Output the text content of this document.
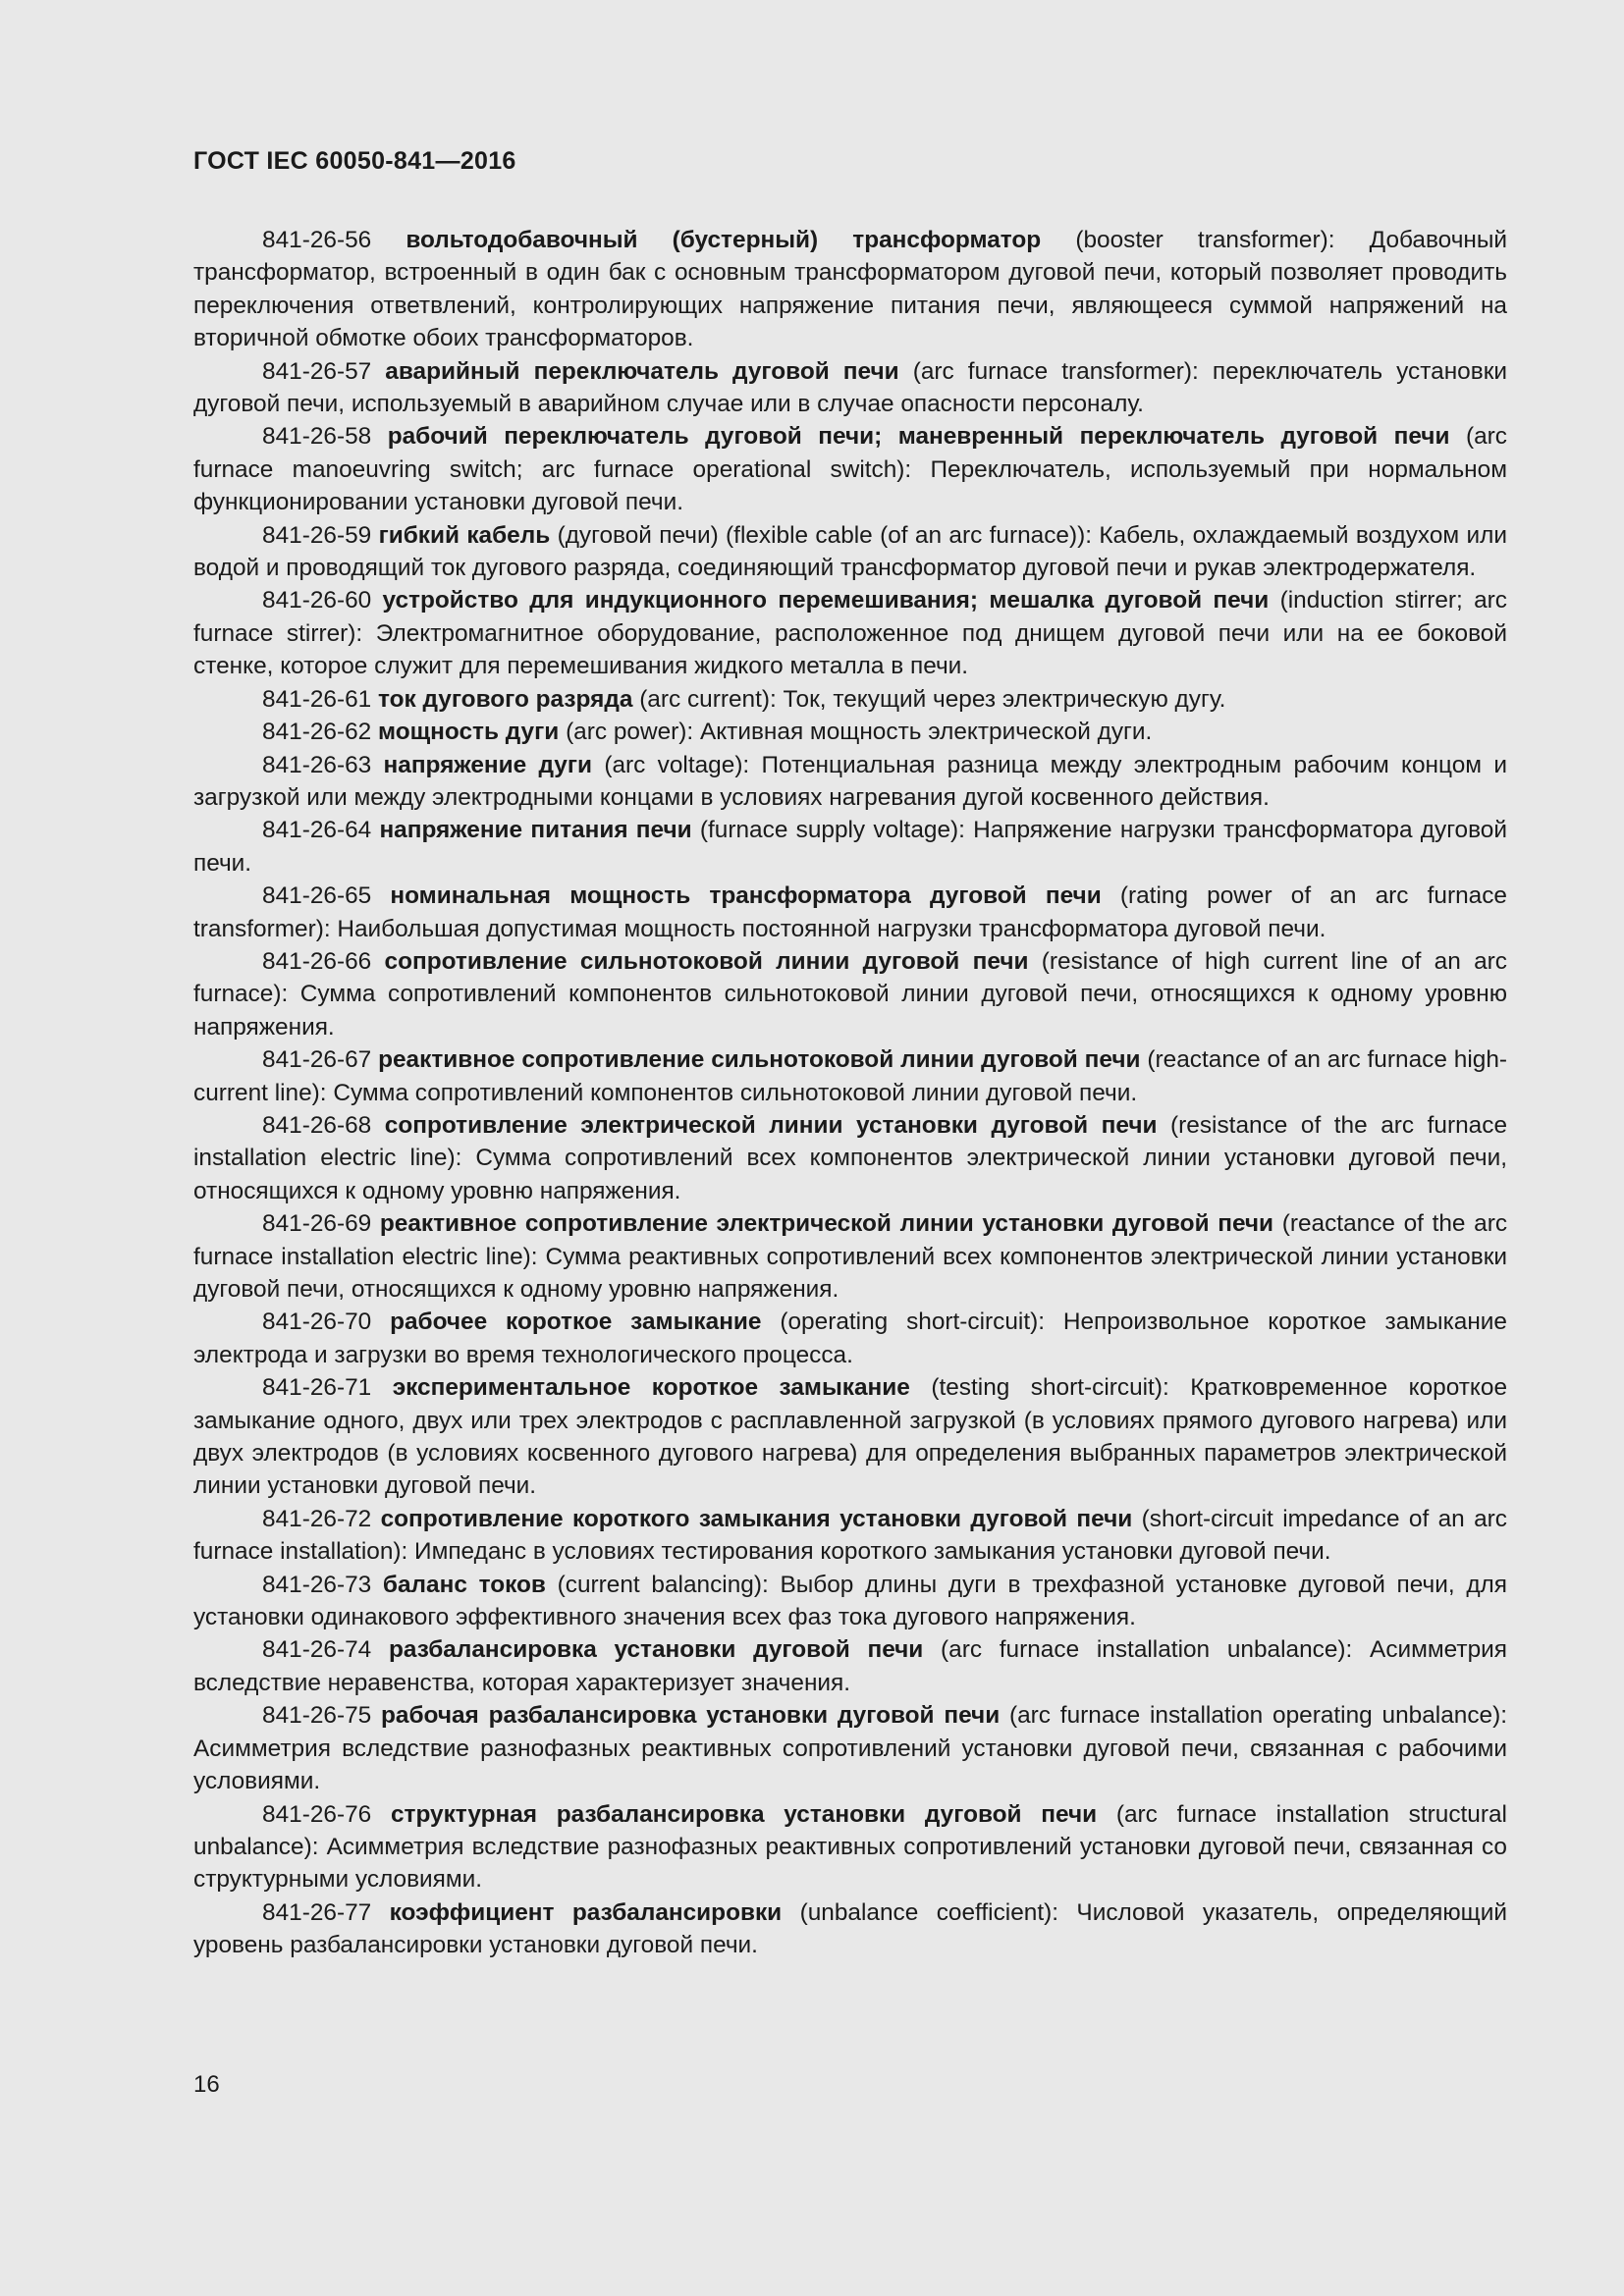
ГОСТ IEC 60050-841—2016

841-26-56 вольтодобавочный (бустерный) трансформатор (booster transformer): Добавочный трансформатор, встроенный в один бак с основным трансформатором дуговой печи, который позволяет проводить переключения ответвлений, контролирующих напряжение питания печи, являющееся суммой напряжений на вторичной обмотке обоих трансформаторов.

841-26-57 аварийный переключатель дуговой печи (arc furnace transformer): переключатель установки дуговой печи, используемый в аварийном случае или в случае опасности персоналу.

841-26-58 рабочий переключатель дуговой печи; маневренный переключатель дуговой печи (arc furnace manoeuvring switch; arc furnace operational switch): Переключатель, используемый при нормальном функционировании установки дуговой печи.

841-26-59 гибкий кабель (дуговой печи) (flexible cable (of an arc furnace)): Кабель, охлаждаемый воздухом или водой и проводящий ток дугового разряда, соединяющий трансформатор дуговой печи и рукав электродержателя.

841-26-60 устройство для индукционного перемешивания; мешалка дуговой печи (induction stirrer; arc furnace stirrer): Электромагнитное оборудование, расположенное под днищем дуговой печи или на ее боковой стенке, которое служит для перемешивания жидкого металла в печи.

841-26-61 ток дугового разряда (arc current): Ток, текущий через электрическую дугу.

841-26-62 мощность дуги (arc power): Активная мощность электрической дуги.

841-26-63 напряжение дуги (arc voltage): Потенциальная разница между электродным рабочим концом и загрузкой или между электродными концами в условиях нагревания дугой косвенного действия.

841-26-64 напряжение питания печи (furnace supply voltage): Напряжение нагрузки трансформатора дуговой печи.

841-26-65 номинальная мощность трансформатора дуговой печи (rating power of an arc furnace transformer): Наибольшая допустимая мощность постоянной нагрузки трансформатора дуговой печи.

841-26-66 сопротивление сильнотоковой линии дуговой печи (resistance of high current line of an arc furnace): Сумма сопротивлений компонентов сильнотоковой линии дуговой печи, относящихся к одному уровню напряжения.

841-26-67 реактивное сопротивление сильнотоковой линии дуговой печи (reactance of an arc furnace high-current line): Сумма сопротивлений компонентов сильнотоковой линии дуговой печи.

841-26-68 сопротивление электрической линии установки дуговой печи (resistance of the arc furnace installation electric line): Сумма сопротивлений всех компонентов электрической линии установки дуговой печи, относящихся к одному уровню напряжения.

841-26-69 реактивное сопротивление электрической линии установки дуговой печи (reactance of the arc furnace installation electric line): Сумма реактивных сопротивлений всех компонентов электрической линии установки дуговой печи, относящихся к одному уровню напряжения.

841-26-70 рабочее короткое замыкание (operating short-circuit): Непроизвольное короткое замыкание электрода и загрузки во время технологического процесса.

841-26-71 экспериментальное короткое замыкание (testing short-circuit): Кратковременное короткое замыкание одного, двух или трех электродов с расплавленной загрузкой (в условиях прямого дугового нагрева) или двух электродов (в условиях косвенного дугового нагрева) для определения выбранных параметров электрической линии установки дуговой печи.

841-26-72 сопротивление короткого замыкания установки дуговой печи (short-circuit impedance of an arc furnace installation): Импеданс в условиях тестирования короткого замыкания установки дуговой печи.

841-26-73 баланс токов (current balancing): Выбор длины дуги в трехфазной установке дуговой печи, для установки одинакового эффективного значения всех фаз тока дугового напряжения.

841-26-74 разбалансировка установки дуговой печи (arc furnace installation unbalance): Асимметрия вследствие неравенства, которая характеризует значения.

841-26-75 рабочая разбалансировка установки дуговой печи (arc furnace installation operating unbalance): Асимметрия вследствие разнофазных реактивных сопротивлений установки дуговой печи, связанная с рабочими условиями.

841-26-76 структурная разбалансировка установки дуговой печи (arc furnace installation structural unbalance): Асимметрия вследствие разнофазных реактивных сопротивлений установки дуговой печи, связанная со структурными условиями.

841-26-77 коэффициент разбалансировки (unbalance coefficient): Числовой указатель, определяющий уровень разбалансировки установки дуговой печи.

16
